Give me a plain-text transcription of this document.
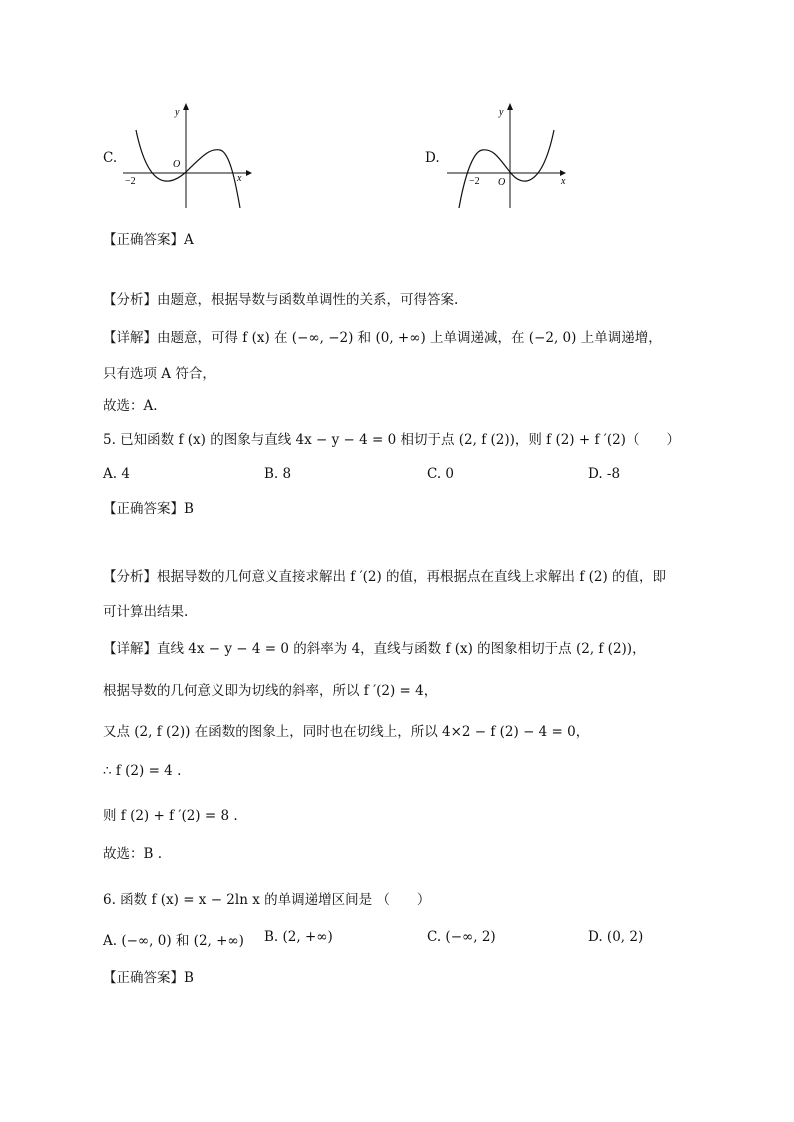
C.
y
x
O
−2
D.
y
x
O
−2
【正确答案】A
【分析】由题意，根据导数与函数单调性的关系，可得答案.
【详解】由题意，可得 f (x) 在 (−∞, −2) 和 (0, +∞) 上单调递减，在 (−2, 0) 上单调递增，
只有选项 A 符合，
故选：A.
5. 已知函数 f (x) 的图象与直线 4x − y − 4 = 0 相切于点 (2, f (2))，则 f (2) + f ′(2)（　　）
A. 4	B. 8	C. 0	D. -8
【正确答案】B
【分析】根据导数的几何意义直接求解出 f ′(2) 的值，再根据点在直线上求解出 f (2) 的值，即
可计算出结果.
【详解】直线 4x − y − 4 = 0 的斜率为 4，直线与函数 f (x) 的图象相切于点 (2, f (2))，
根据导数的几何意义即为切线的斜率，所以 f ′(2) = 4，
又点 (2, f (2)) 在函数的图象上，同时也在切线上，所以 4×2 − f (2) − 4 = 0，
∴ f (2) = 4 .
则 f (2) + f ′(2) = 8 .
故选：B .
6. 函数 f (x) = x − 2ln x 的单调递增区间是 （　　）
A. (−∞, 0) 和 (2, +∞) B. (2, +∞)	C. (−∞, 2)	D. (0, 2)
【正确答案】B
